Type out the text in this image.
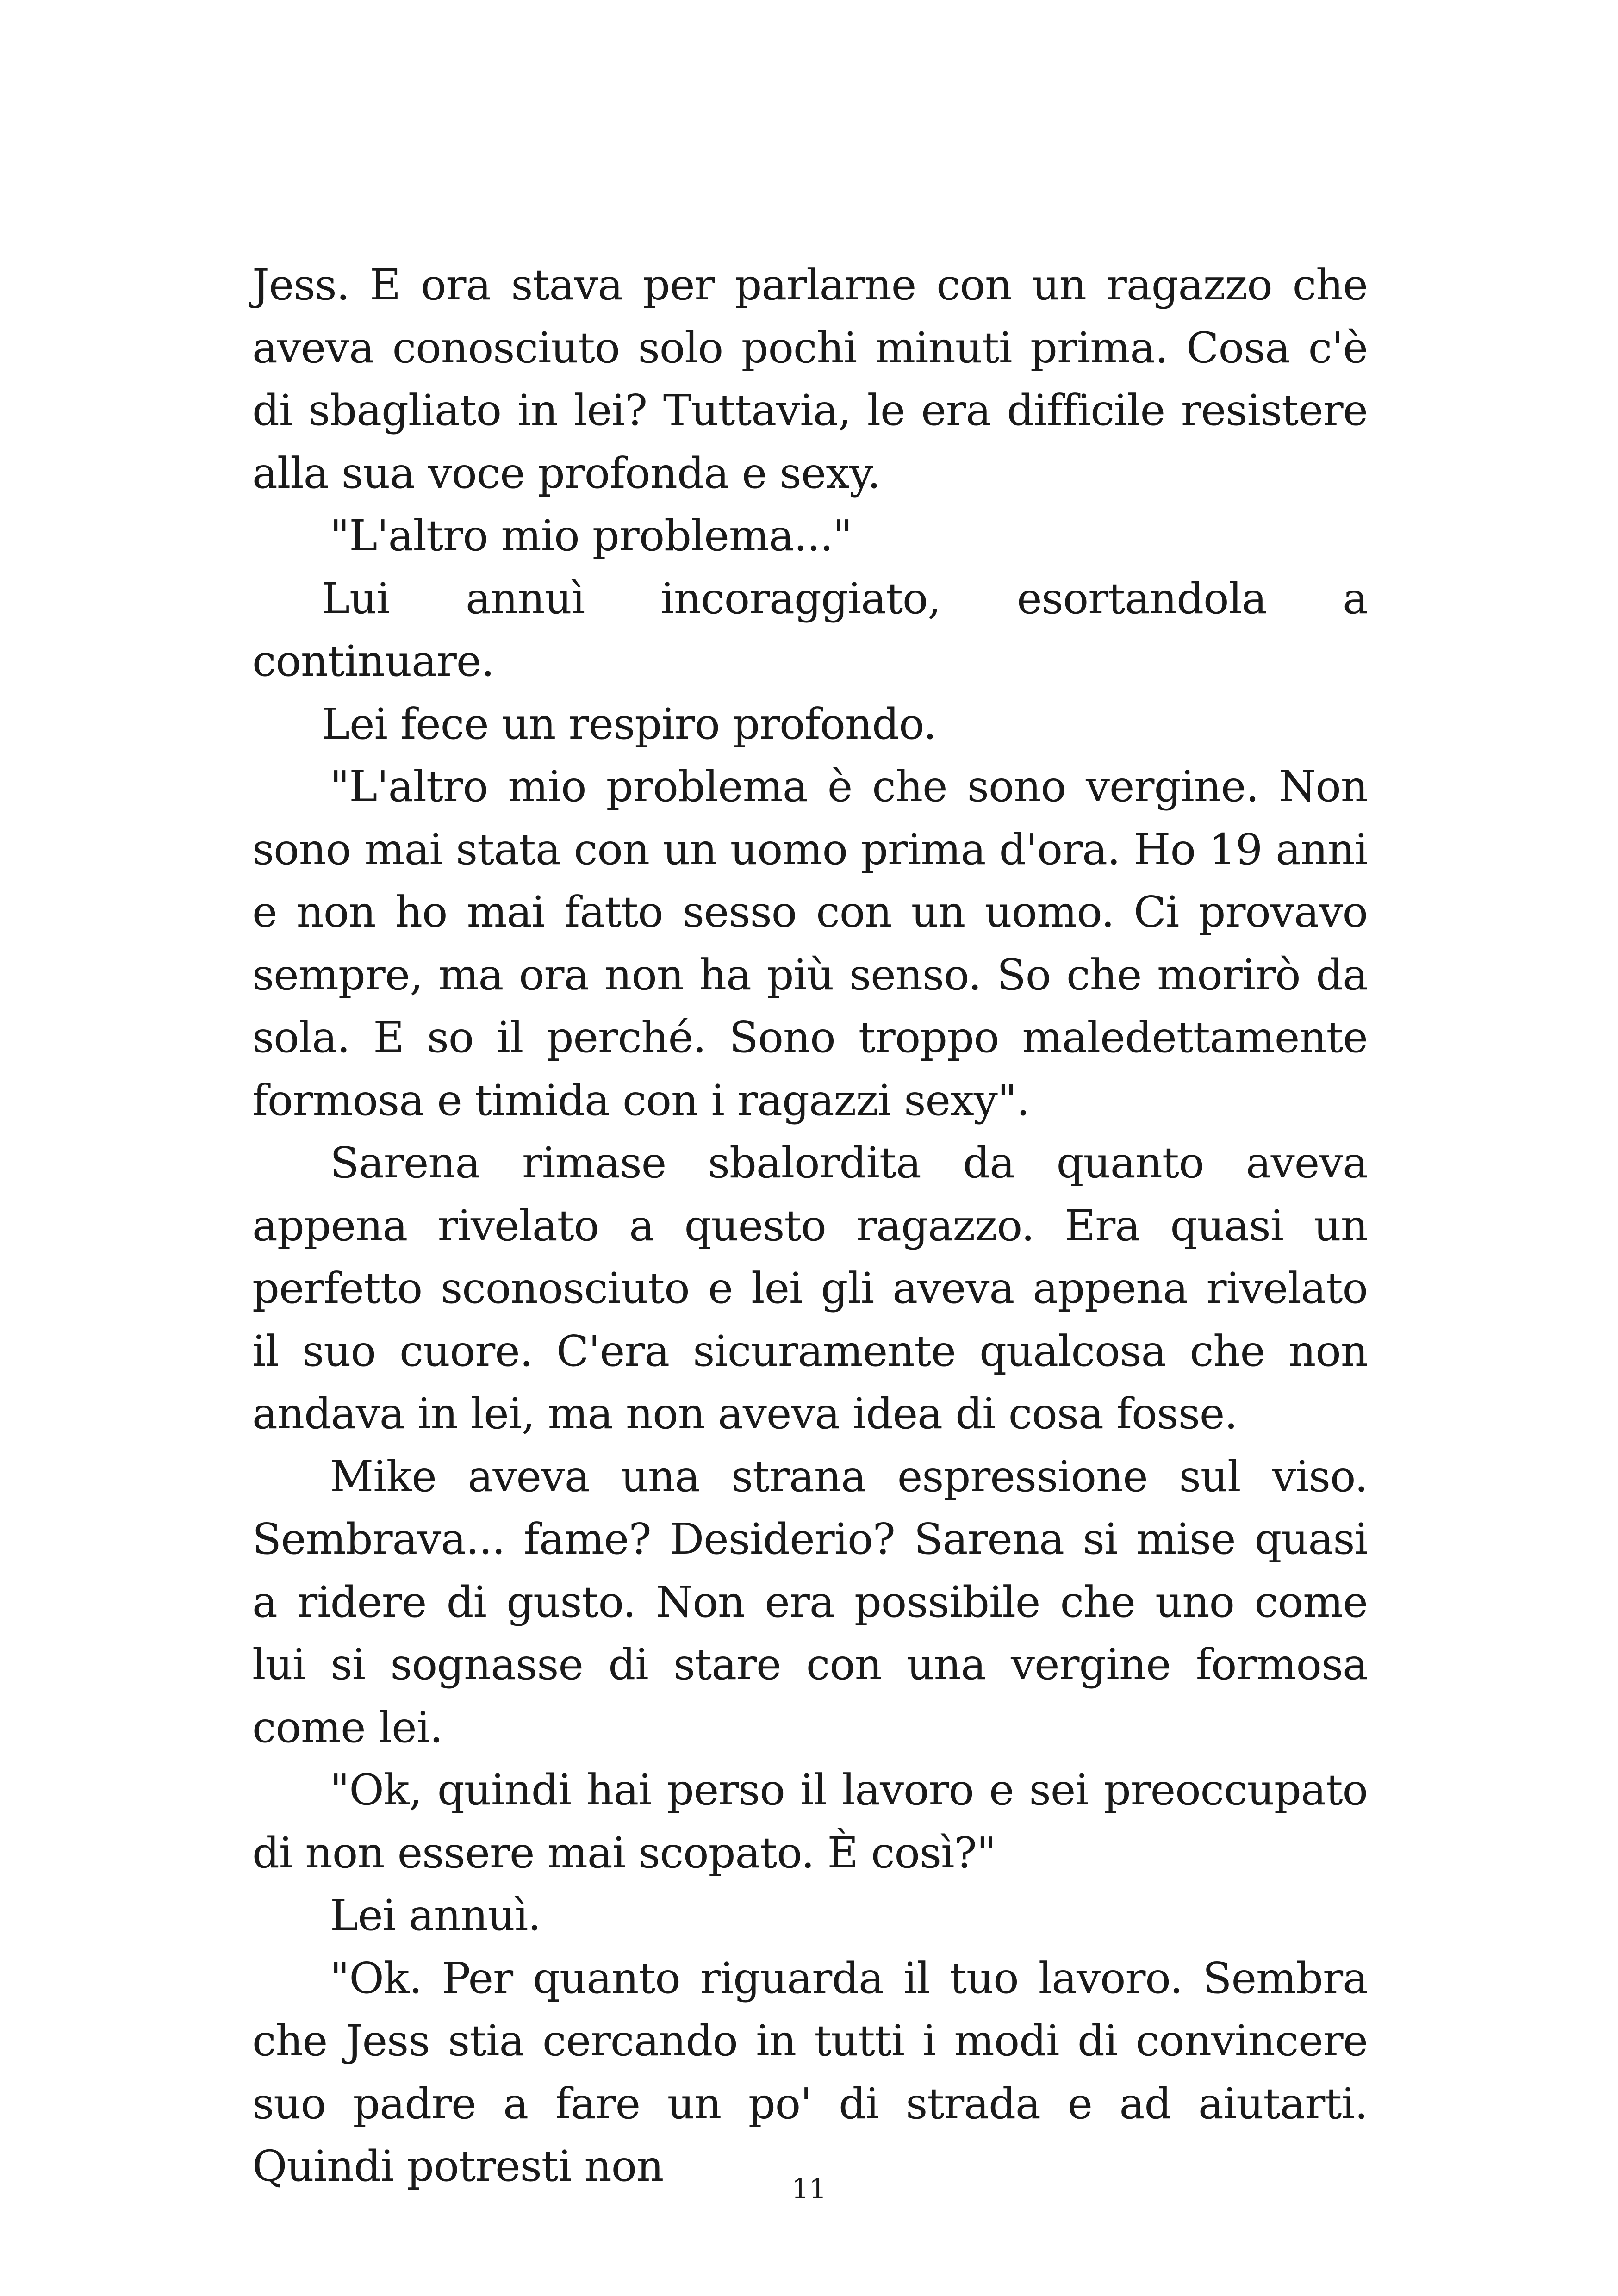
Jess. E ora stava per parlarne con un ragazzo che aveva conosciuto solo pochi minuti prima. Cosa c'è di sbagliato in lei? Tuttavia, le era difficile resistere alla sua voce profonda e sexy.

"L'altro mio problema..."

Lui annuì incoraggiato, esortandola a continuare.

Lei fece un respiro profondo.

"L'altro mio problema è che sono vergine. Non sono mai stata con un uomo prima d'ora. Ho 19 anni e non ho mai fatto sesso con un uomo. Ci provavo sempre, ma ora non ha più senso. So che morirò da sola. E so il perché. Sono troppo maledettamente formosa e timida con i ragazzi sexy".

Sarena rimase sbalordita da quanto aveva appena rivelato a questo ragazzo. Era quasi un perfetto sconosciuto e lei gli aveva appena rivelato il suo cuore. C'era sicuramente qualcosa che non andava in lei, ma non aveva idea di cosa fosse.

Mike aveva una strana espressione sul viso. Sembrava... fame? Desiderio? Sarena si mise quasi a ridere di gusto. Non era possibile che uno come lui si sognasse di stare con una vergine formosa come lei.

"Ok, quindi hai perso il lavoro e sei preoccupato di non essere mai scopato. È così?"

Lei annuì.

"Ok. Per quanto riguarda il tuo lavoro. Sembra che Jess stia cercando in tutti i modi di convincere suo padre a fare un po' di strada e ad aiutarti. Quindi potresti non	11
